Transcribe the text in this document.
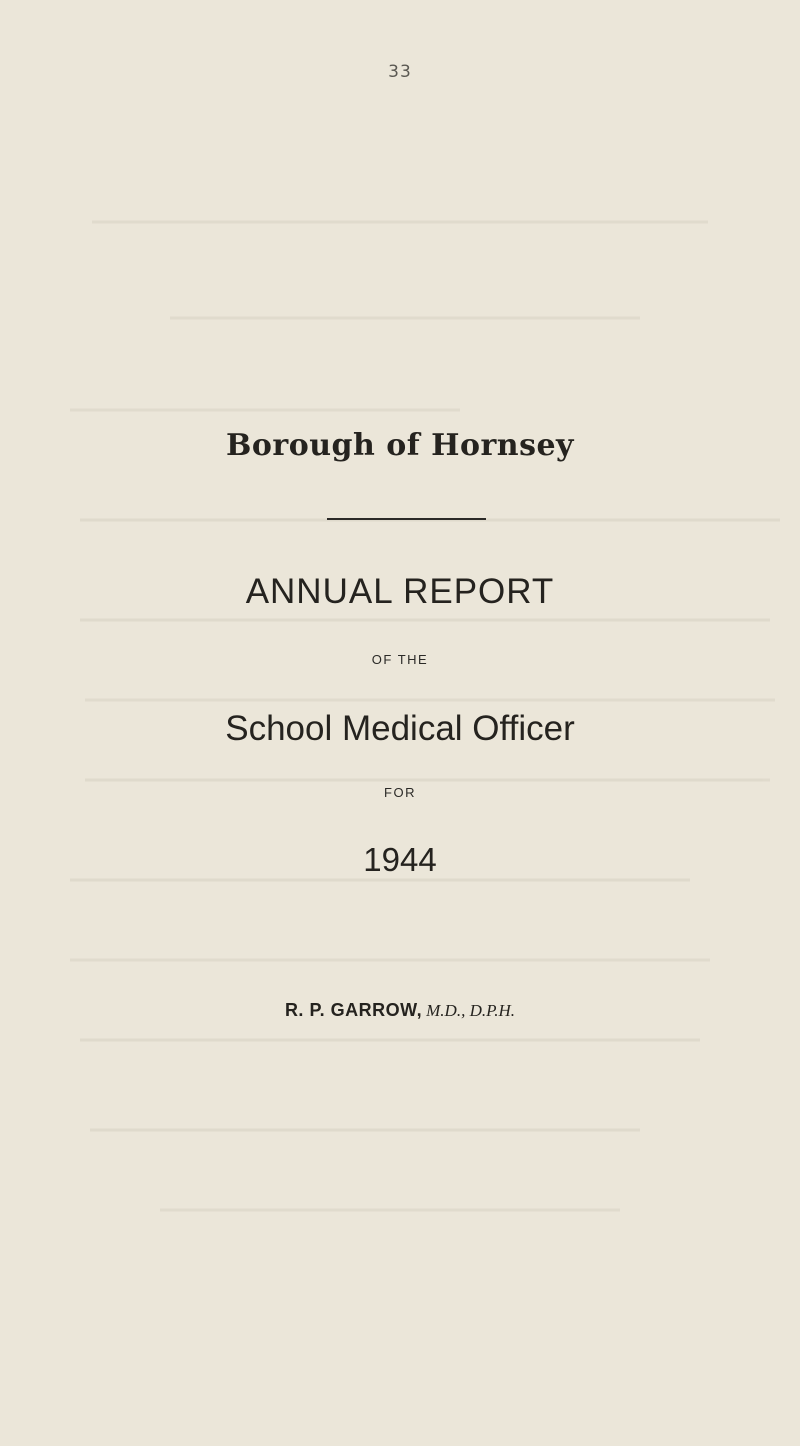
33
Borough of Hornsey
ANNUAL REPORT
OF THE
School Medical Officer
FOR
1944
R. P. GARROW, M.D., D.P.H.
